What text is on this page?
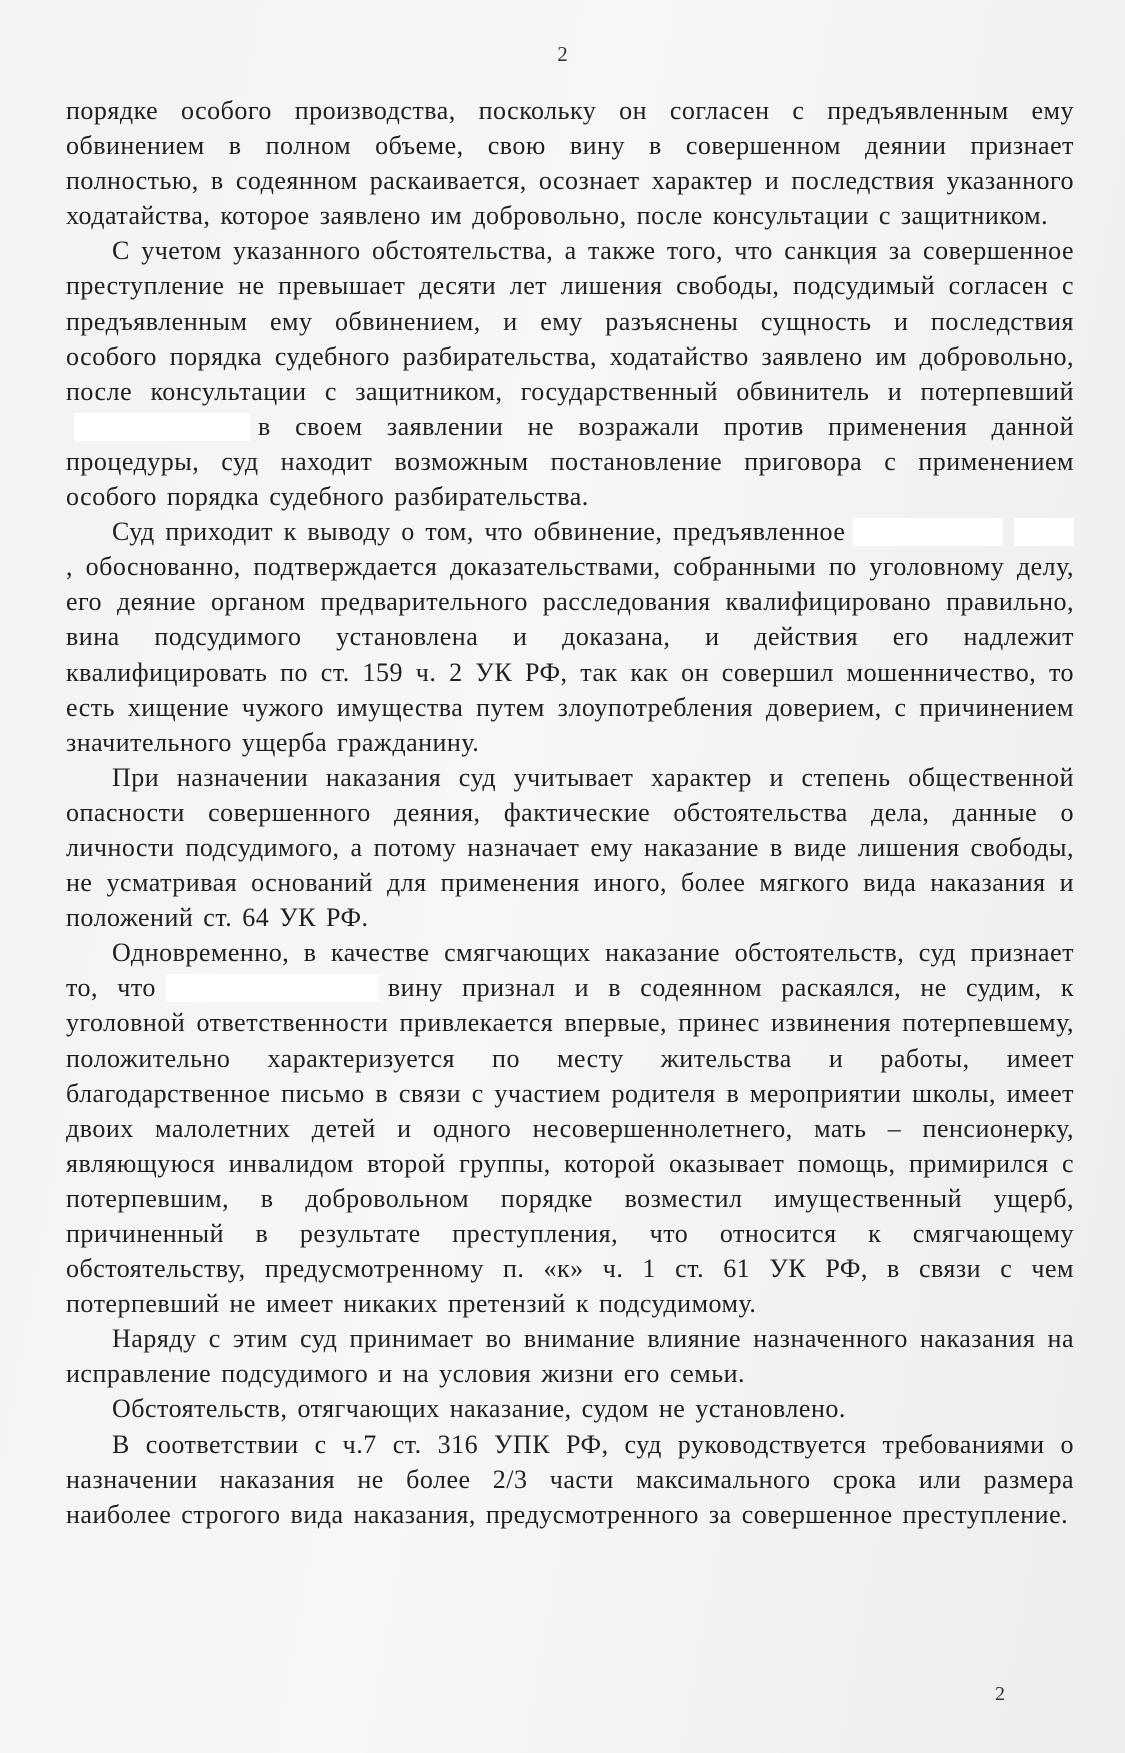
2

порядке особого производства, поскольку он согласен с предъявленным ему обвинением в полном объеме, свою вину в совершенном деянии признает полностью, в содеянном раскаивается, осознает характер и последствия указанного ходатайства, которое заявлено им добровольно, после консультации с защитником.

С учетом указанного обстоятельства, а также того, что санкция за совершенное преступление не превышает десяти лет лишения свободы, подсудимый согласен с предъявленным ему обвинением, и ему разъяснены сущность и последствия особого порядка судебного разбирательства, ходатайство заявлено им добровольно, после консультации с защитником, государственный обвинитель и потерпевшийв своем заявлении не возражали против применения данной процедуры, суд находит возможным постановление приговора с применением особого порядка судебного разбирательства.

Суд приходит к выводу о том, что обвинение, предъявленное , обоснованно, подтверждается доказательствами, собранными по уголовному делу, его деяние органом предварительного расследования квалифицировано правильно, вина подсудимого установлена и доказана, и действия его надлежит квалифицировать по ст. 159 ч. 2 УК РФ, так как он совершил мошенничество, то есть хищение чужого имущества путем злоупотребления доверием, с причинением значительного ущерба гражданину.

При назначении наказания суд учитывает характер и степень общественной опасности совершенного деяния, фактические обстоятельства дела, данные о личности подсудимого, а потому назначает ему наказание в виде лишения свободы, не усматривая оснований для применения иного, более мягкого вида наказания и положений ст. 64 УК РФ.

Одновременно, в качестве смягчающих наказание обстоятельств, суд признает то, что	вину признал и в содеянном раскаялся, не судим, к уголовной ответственности привлекается впервые, принес извинения потерпевшему, положительно характеризуется по месту жительства и работы, имеет благодарственное письмо в связи с участием родителя в мероприятии школы, имеет двоих малолетних детей и одного несовершеннолетнего, мать – пенсионерку, являющуюся инвалидом второй группы, которой оказывает помощь, примирился с потерпевшим, в добровольном порядке возместил имущественный ущерб, причиненный в результате преступления, что относится к смягчающему обстоятельству, предусмотренному п. «к» ч. 1 ст. 61 УК РФ, в связи с чем потерпевший не имеет никаких претензий к подсудимому.

Наряду с этим суд принимает во внимание влияние назначенного наказания на исправление подсудимого и на условия жизни его семьи.

Обстоятельств, отягчающих наказание, судом не установлено.

В соответствии с ч.7 ст. 316 УПК РФ, суд руководствуется требованиями о назначении наказания не более 2/3 части максимального срока или размера наиболее строгого вида наказания, предусмотренного за совершенное преступление.

2
